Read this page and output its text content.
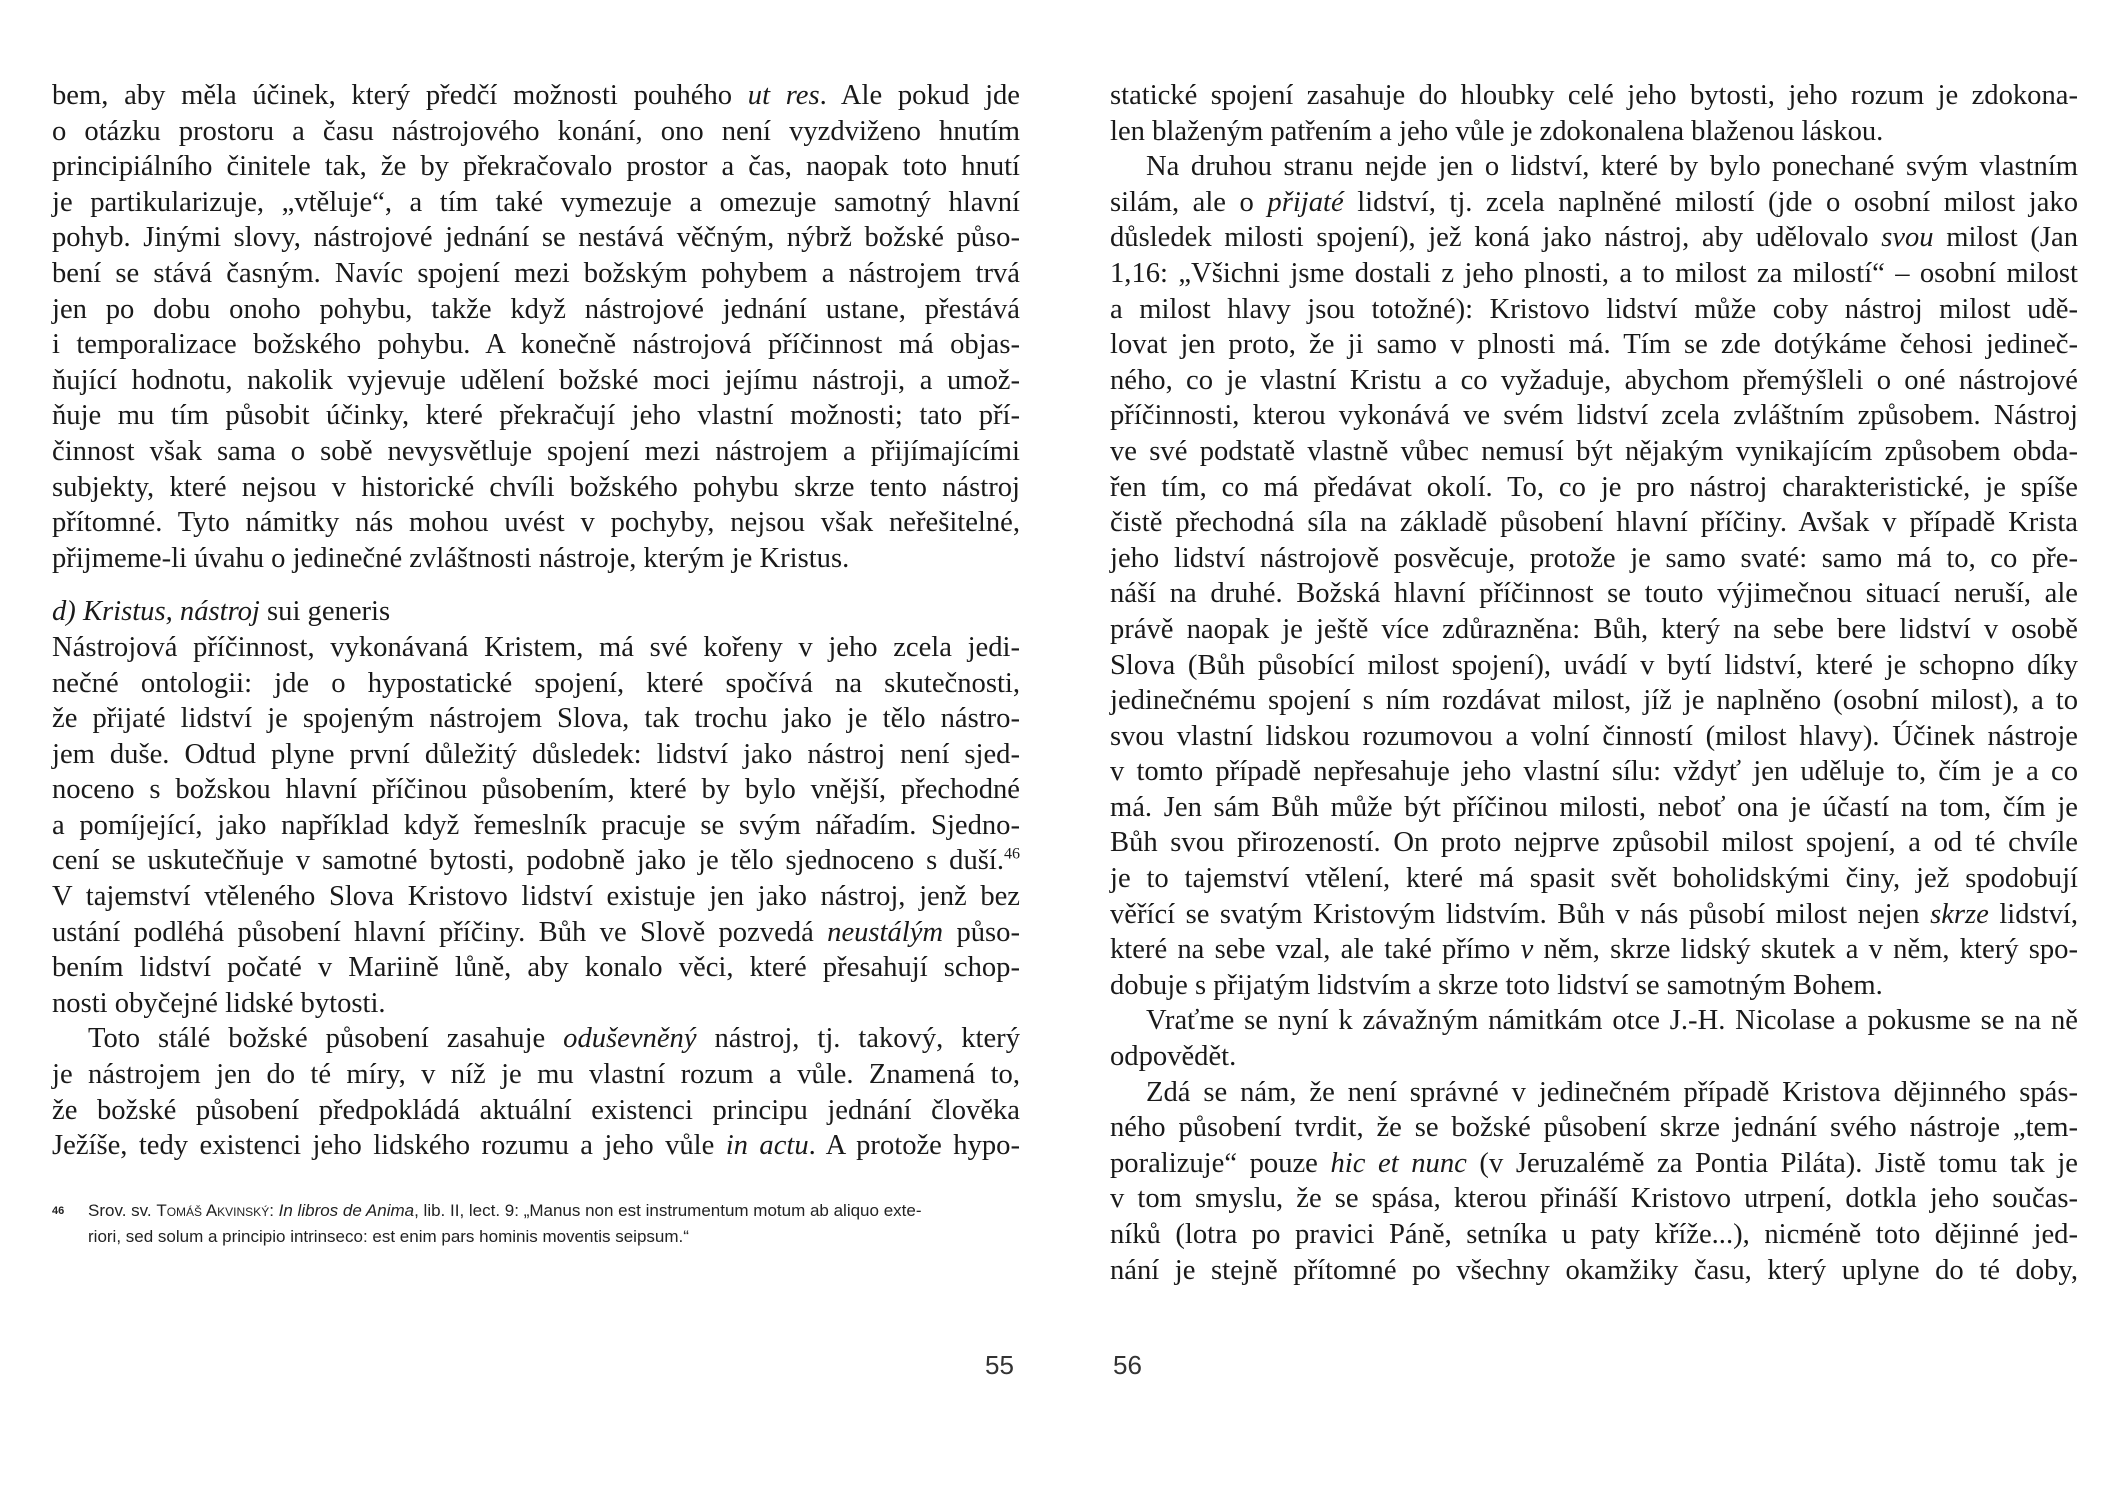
bem, aby měla účinek, který předčí možnosti pouhého ut res. Ale pokud jde
o otázku prostoru a času nástrojového konání, ono není vyzdviženo hnutím
principiálního činitele tak, že by překračovalo prostor a čas, naopak toto hnutí
je partikularizuje, „vtěluje“, a tím také vymezuje a omezuje samotný hlavní
pohyb. Jinými slovy, nástrojové jednání se nestává věčným, nýbrž božské půso-
bení se stává časným. Navíc spojení mezi božským pohybem a nástrojem trvá
jen po dobu onoho pohybu, takže když nástrojové jednání ustane, přestává
i temporalizace božského pohybu. A konečně nástrojová příčinnost má objas-
ňující hodnotu, nakolik vyjevuje udělení božské moci jejímu nástroji, a umož-
ňuje mu tím působit účinky, které překračují jeho vlastní možnosti; tato pří-
činnost však sama o sobě nevysvětluje spojení mezi nástrojem a přijímajícími
subjekty, které nejsou v historické chvíli božského pohybu skrze tento nástroj
přítomné. Tyto námitky nás mohou uvést v pochyby, nejsou však neřešitelné,
přijmeme-li úvahu o jedinečné zvláštnosti nástroje, kterým je Kristus.
d) Kristus, nástroj sui generis
Nástrojová příčinnost, vykonávaná Kristem, má své kořeny v jeho zcela jedi-
nečné ontologii: jde o hypostatické spojení, které spočívá na skutečnosti,
že přijaté lidství je spojeným nástrojem Slova, tak trochu jako je tělo nástro-
jem duše. Odtud plyne první důležitý důsledek: lidství jako nástroj není sjed-
noceno s božskou hlavní příčinou působením, které by bylo vnější, přechodné
a pomíjející, jako například když řemeslník pracuje se svým nářadím. Sjedno-
cení se uskutečňuje v samotné bytosti, podobně jako je tělo sjednoceno s duší.$^{46}$
V tajemství vtěleného Slova Kristovo lidství existuje jen jako nástroj, jenž bez
ustání podléhá působení hlavní příčiny. Bůh ve Slově pozvedá neustálým půso-
bením lidství počaté v Mariině lůně, aby konalo věci, které přesahují schop-
nosti obyčejné lidské bytosti.
Toto stálé božské působení zasahuje oduševněný nástroj, tj. takový, který
je nástrojem jen do té míry, v níž je mu vlastní rozum a vůle. Znamená to,
že božské působení předpokládá aktuální existenci principu jednání člověka
Ježíše, tedy existenci jeho lidského rozumu a jeho vůle in actu. A protože hypo-
46 Srov. sv. Tomáš Akvinský: In libros de Anima, lib. II, lect. 9: „Manus non est instrumentum motum ab aliquo exte-
riori, sed solum a principio intrinseco: est enim pars hominis moventis seipsum.“
statické spojení zasahuje do hloubky celé jeho bytosti, jeho rozum je zdokona-
len blaženým patřením a jeho vůle je zdokonalena blaženou láskou.
Na druhou stranu nejde jen o lidství, které by bylo ponechané svým vlastním
silám, ale o přijaté lidství, tj. zcela naplněné milostí (jde o osobní milost jako
důsledek milosti spojení), jež koná jako nástroj, aby udělovalo svou milost (Jan
1,16: „Všichni jsme dostali z jeho plnosti, a to milost za milostí“ – osobní milost
a milost hlavy jsou totožné): Kristovo lidství může coby nástroj milost udě-
lovat jen proto, že ji samo v plnosti má. Tím se zde dotýkáme čehosi jedineč-
ného, co je vlastní Kristu a co vyžaduje, abychom přemýšleli o oné nástrojové
příčinnosti, kterou vykonává ve svém lidství zcela zvláštním způsobem. Nástroj
ve své podstatě vlastně vůbec nemusí být nějakým vynikajícím způsobem obda-
řen tím, co má předávat okolí. To, co je pro nástroj charakteristické, je spíše
čistě přechodná síla na základě působení hlavní příčiny. Avšak v případě Krista
jeho lidství nástrojově posvěcuje, protože je samo svaté: samo má to, co pře-
náší na druhé. Božská hlavní příčinnost se touto výjimečnou situací neruší, ale
právě naopak je ještě více zdůrazněna: Bůh, který na sebe bere lidství v osobě
Slova (Bůh působící milost spojení), uvádí v bytí lidství, které je schopno díky
jedinečnému spojení s ním rozdávat milost, jíž je naplněno (osobní milost), a to
svou vlastní lidskou rozumovou a volní činností (milost hlavy). Účinek nástroje
v tomto případě nepřesahuje jeho vlastní sílu: vždyť jen uděluje to, čím je a co
má. Jen sám Bůh může být příčinou milosti, neboť ona je účastí na tom, čím je
Bůh svou přirozeností. On proto nejprve způsobil milost spojení, a od té chvíle
je to tajemství vtělení, které má spasit svět boholidskými činy, jež spodobují
věřící se svatým Kristovým lidstvím. Bůh v nás působí milost nejen skrze lidství,
které na sebe vzal, ale také přímo v něm, skrze lidský skutek a v něm, který spo-
dobuje s přijatým lidstvím a skrze toto lidství se samotným Bohem.
Vraťme se nyní k závažným námitkám otce J.-H. Nicolase a pokusme se na ně
odpovědět.
Zdá se nám, že není správné v jedinečném případě Kristova dějinného spás-
ného působení tvrdit, že se božské působení skrze jednání svého nástroje „tem-
poralizuje“ pouze hic et nunc (v Jeruzalémě za Pontia Piláta). Jistě tomu tak je
v tom smyslu, že se spása, kterou přináší Kristovo utrpení, dotkla jeho součas-
níků (lotra po pravici Páně, setníka u paty kříže...), nicméně toto dějinné jed-
nání je stejně přítomné po všechny okamžiky času, který uplyne do té doby,
55	56
